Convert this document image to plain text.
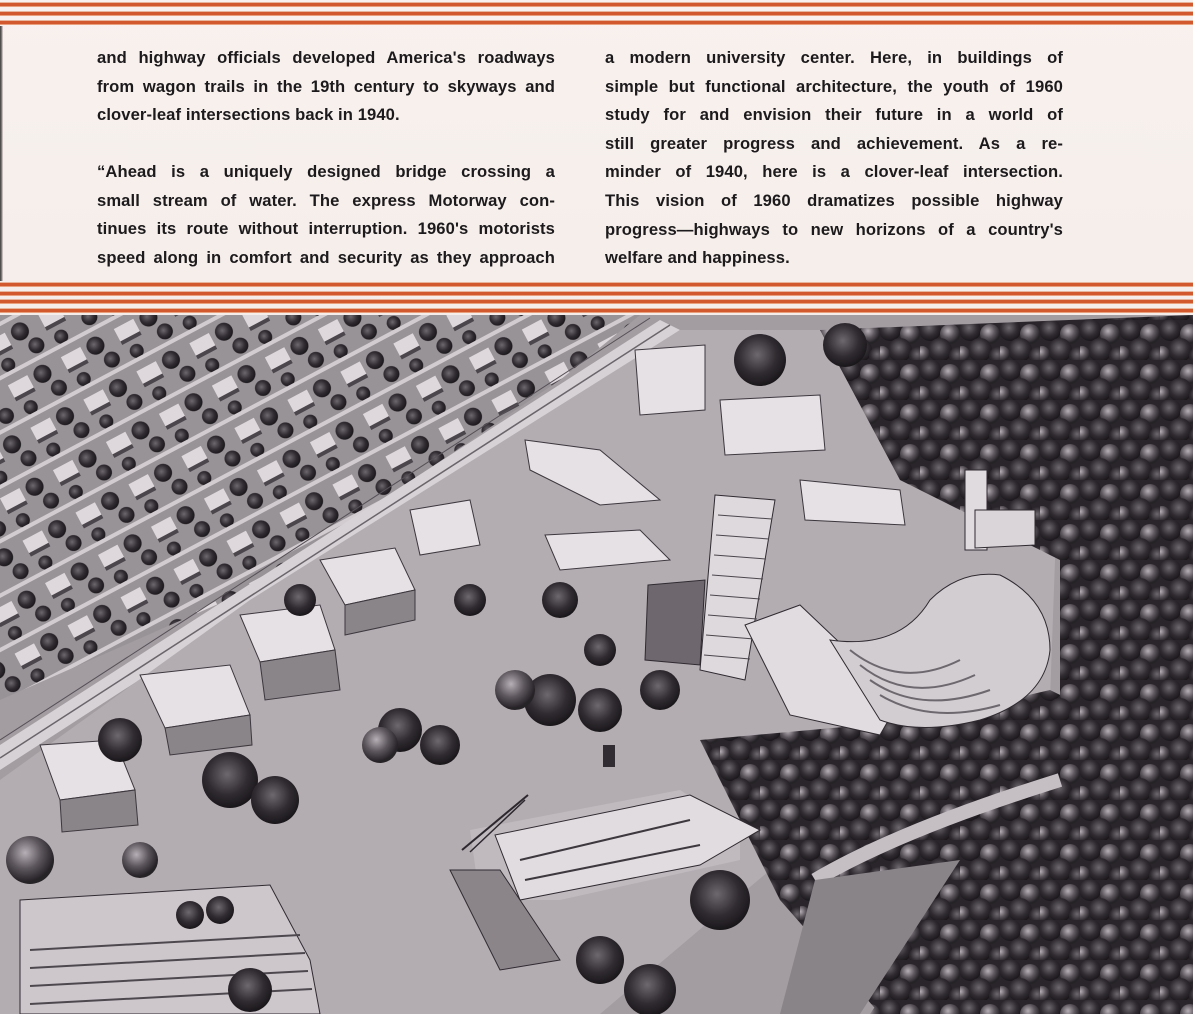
and highway officials developed America's roadways
from wagon trails in the 19th century to skyways and
clover-leaf intersections back in 1940.
“Ahead is a uniquely designed bridge crossing a
small stream of water. The express Motorway con-
tinues its route without interruption. 1960's motorists
speed along in comfort and security as they approach
a modern university center. Here, in buildings of
simple but functional architecture, the youth of 1960
study for and envision their future in a world of
still greater progress and achievement. As a re-
minder of 1940, here is a clover-leaf intersection.
This vision of 1960 dramatizes possible highway
progress—highways to new horizons of a country's
welfare and happiness.
